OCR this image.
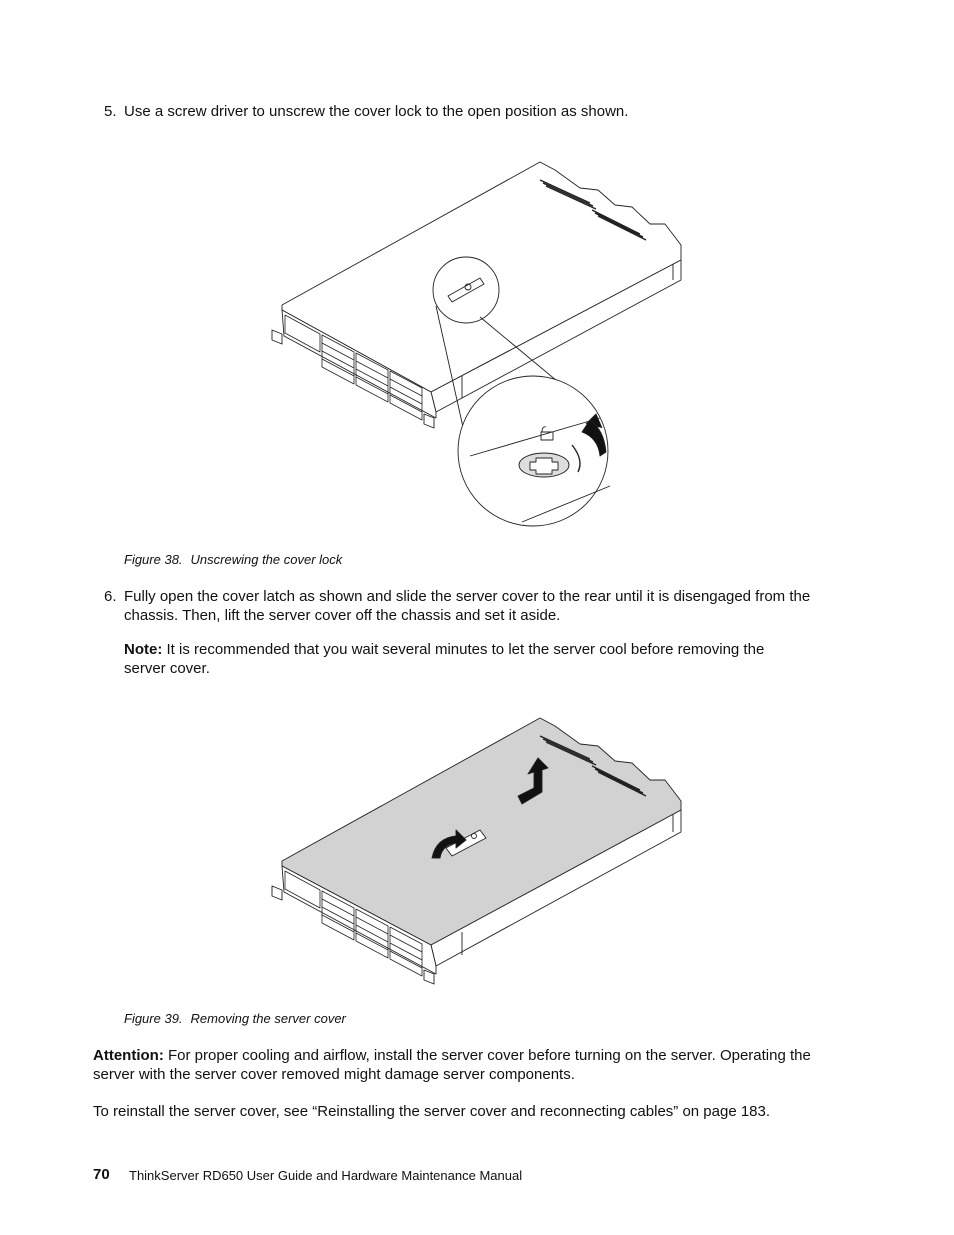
5. Use a screw driver to unscrew the cover lock to the open position as shown.
Figure 38. Unscrewing the cover lock
6. Fully open the cover latch as shown and slide the server cover to the rear until it is disengaged from the
chassis. Then, lift the server cover off the chassis and set it aside.
Note: It is recommended that you wait several minutes to let the server cool before removing the
server cover.
Figure 39. Removing the server cover
Attention: For proper cooling and airflow, install the server cover before turning on the server. Operating the
server with the server cover removed might damage server components.
To reinstall the server cover, see “Reinstalling the server cover and reconnecting cables” on page 183.
70 ThinkServer RD650 User Guide and Hardware Maintenance Manual
